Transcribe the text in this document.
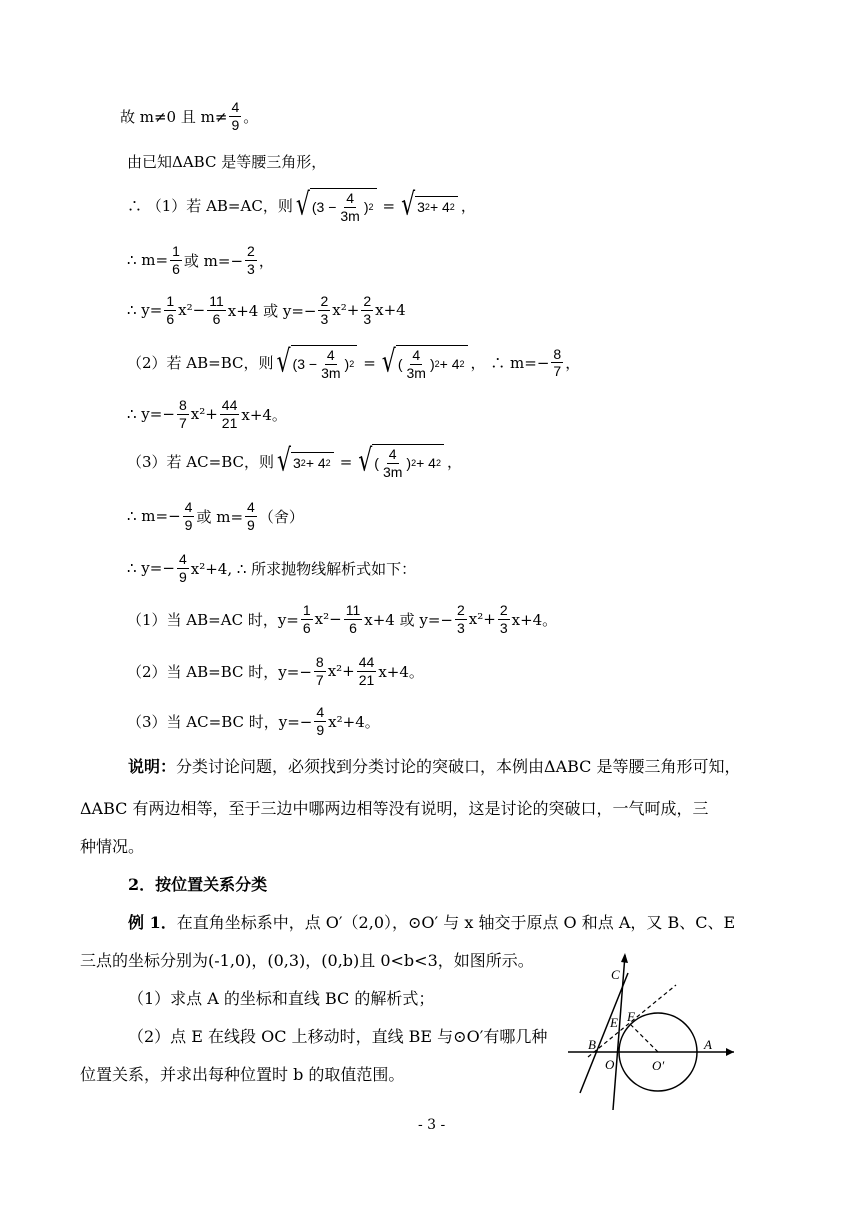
故 m≠0 且 $m\ne \frac{4}{9}$ 。
由已知ΔABC 是等腰三角形，
∴ （1）若 AB=AC，则 √ ($3 - \frac{4}{3m}$ ) 2 = √ 3 2 + 4 2 ，
∴ $m= \frac{1}{6}$ 或 $m=- \frac{2}{3}$ ，
∴ $y= \frac{1}{6} x^2- \frac{11}{6} x+4$ 或 $y=- \frac{2}{3} x^2+ \frac{2}{3} x+4$
（2）若 AB=BC，则 √ ($3 - \frac{4}{3m}$ ) 2 = √ ( $\frac{4}{3m}$ ) 2 + 4 2 ， ∴ $m=- \frac{8}{7}$ ，
∴ $y=- \frac{8}{7} x^2+ \frac{44}{21} x+4$。
（3）若 AC=BC，则 √ 3 2 + 4 2 = √ ( $\frac{4}{3m}$ ) 2 + 4 2 ，
∴ $m=- \frac{4}{9}$ 或 $m= \frac{4}{9}$ （舍）
∴ $y=- \frac{4}{9} x^2+4$, ∴ 所求抛物线解析式如下：
（1）当 AB=AC 时，$y= \frac{1}{6} x^2- \frac{11}{6} x+4$ 或 $y=- \frac{2}{3} x^2+ \frac{2}{3} x+4$。
（2）当 AB=BC 时，$y=- \frac{8}{7} x^2+ \frac{44}{21} x+4$。
（3）当 AC=BC 时，$y=- \frac{4}{9} x^2+4$。
说明：分类讨论问题，必须找到分类讨论的突破口，本例由ΔABC 是等腰三角形可知，
ΔABC 有两边相等，至于三边中哪两边相等没有说明，这是讨论的突破口，一气呵成，三
种情况。
2．按位置关系分类
例 1．在直角坐标系中，点 O′（2,0），⊙O′ 与 x 轴交于原点 O 和点 A，又 B、C、E
三点的坐标分别为(-1,0)，(0,3)，(0,b)且 0<b<3，如图所示。
（1）求点 A 的坐标和直线 BC 的解析式；
（2）点 E 在线段 OC 上移动时，直线 BE 与⊙O′有哪几种
位置关系，并求出每种位置时 b 的取值范围。
C
E F
B
O	O′
A
- 3 -
